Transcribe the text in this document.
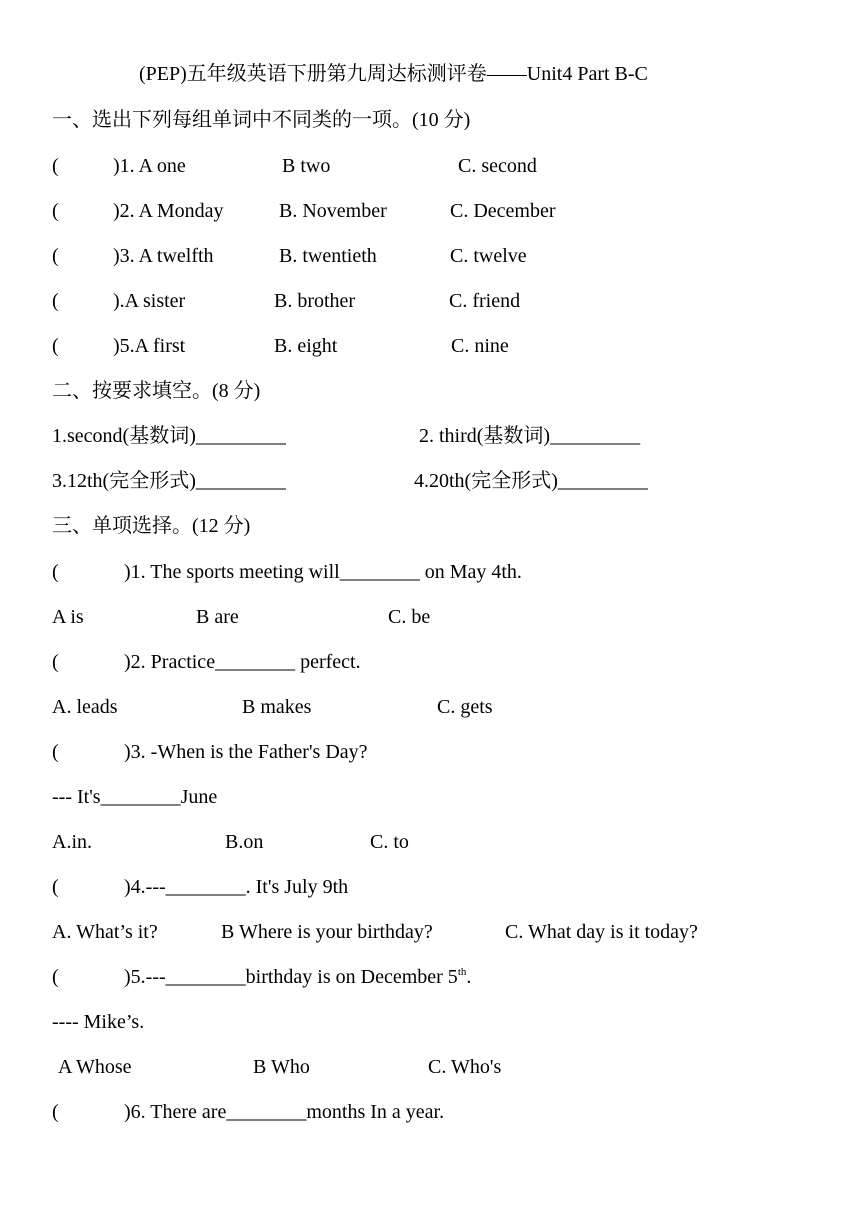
(PEP)五年级英语下册第九周达标测评卷——Unit4 Part B-C
一、选出下列每组单词中不同类的一项。(10 分)
(	)1. A one	B two	C. second
(	)2. A Monday	B. November	C. December
(	)3. A twelfth	B. twentieth	C. twelve
(	).A sister	B. brother	C. friend
(	)5.A first	B. eight	C. nine
二、按要求填空。(8 分)
1.second(基数词)_________	2. third(基数词)_________
3.12th(完全形式)_________	4.20th(完全形式)_________
三、单项选择。(12 分)
(	)1. The sports meeting will________ on May 4th.
A is	B are	C. be
(	)2. Practice________ perfect.
A. leads	B makes	C. gets
(	)3. -When is the Father's Day?
--- It's________June
A.in.	B.on	C. to
(	)4.---________. It's July 9th
A. What’s it?	B Where is your birthday?	C. What day is it today?
(	)5.---________birthday is on December 5th.
---- Mike’s.
A Whose	B Who	C. Who's
(	)6. There are________months In a year.
